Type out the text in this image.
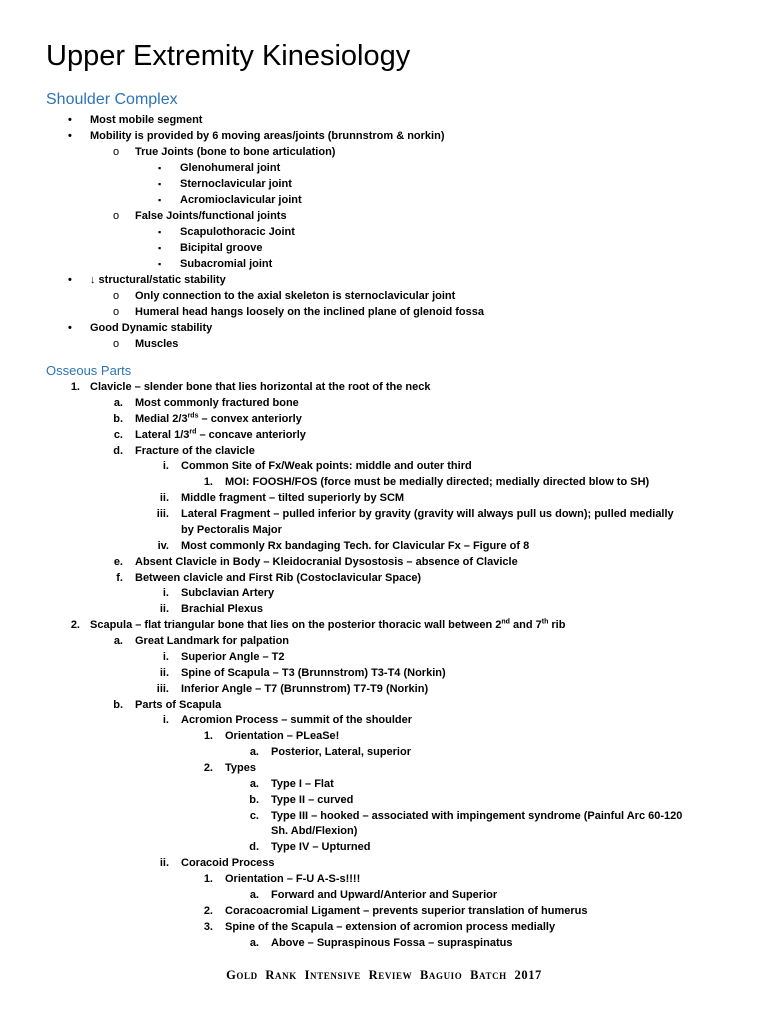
Upper Extremity Kinesiology
Shoulder Complex
Osseous Parts
• Most mobile segment
• Mobility is provided by 6 moving areas/joints (brunnstrom & norkin)
o True Joints (bone to bone articulation)
▪ Glenohumeral joint
▪ Sternoclavicular joint
▪ Acromioclavicular joint
o False Joints/functional joints
▪ Scapulothoracic Joint
▪ Bicipital groove
▪ Subacromial joint
• ↓ structural/static stability
o Only connection to the axial skeleton is sternoclavicular joint
o Humeral head hangs loosely on the inclined plane of glenoid fossa
• Good Dynamic stability
o Muscles
1. Clavicle – slender bone that lies horizontal at the root of the neck
a. Most commonly fractured bone
b. Medial $2/3^{rds}$ – convex anteriorly
c. Lateral 1/3rd – concave anteriorly
d. Fracture of the clavicle
i. Common Site of Fx/Weak points: middle and outer third
1. MOI: FOOSH/FOS (force must be medially directed; medially directed blow to SH)
ii. Middle fragment – tilted superiorly by SCM
iii. Lateral Fragment – pulled inferior by gravity (gravity will always pull us down); pulled medially
by Pectoralis Major
iv. Most commonly Rx bandaging Tech. for Clavicular Fx – Figure of 8
e. Absent Clavicle in Body – Kleidocranial Dysostosis – absence of Clavicle
f. Between clavicle and First Rib (Costoclavicular Space)
i. Subclavian Artery
ii. Brachial Plexus
2. Scapula – flat triangular bone that lies on the posterior thoracic wall between 2nd and 7th rib
a. Great Landmark for palpation
i. Superior Angle – T2
ii. Spine of Scapula – T3 (Brunnstrom) T3-T4 (Norkin)
iii. Inferior Angle – T7 (Brunnstrom) T7-T9 (Norkin)
b. Parts of Scapula
i. Acromion Process – summit of the shoulder
1. Orientation – PLeaSe!
a. Posterior, Lateral, superior
2. Types
a. Type I – Flat
b. Type II – curved
c. Type III – hooked – associated with impingement syndrome (Painful Arc 60-120
Sh. Abd/Flexion)
d. Type IV – Upturned
ii. Coracoid Process
1. Orientation – F-U A-S-s!!!!
a. Forward and Upward/Anterior and Superior
2. Coracoacromial Ligament – prevents superior translation of humerus
3. Spine of the Scapula – extension of acromion process medially
a. Above – Supraspinous Fossa – supraspinatus
Gold Rank Intensive Review Baguio Batch 2017
